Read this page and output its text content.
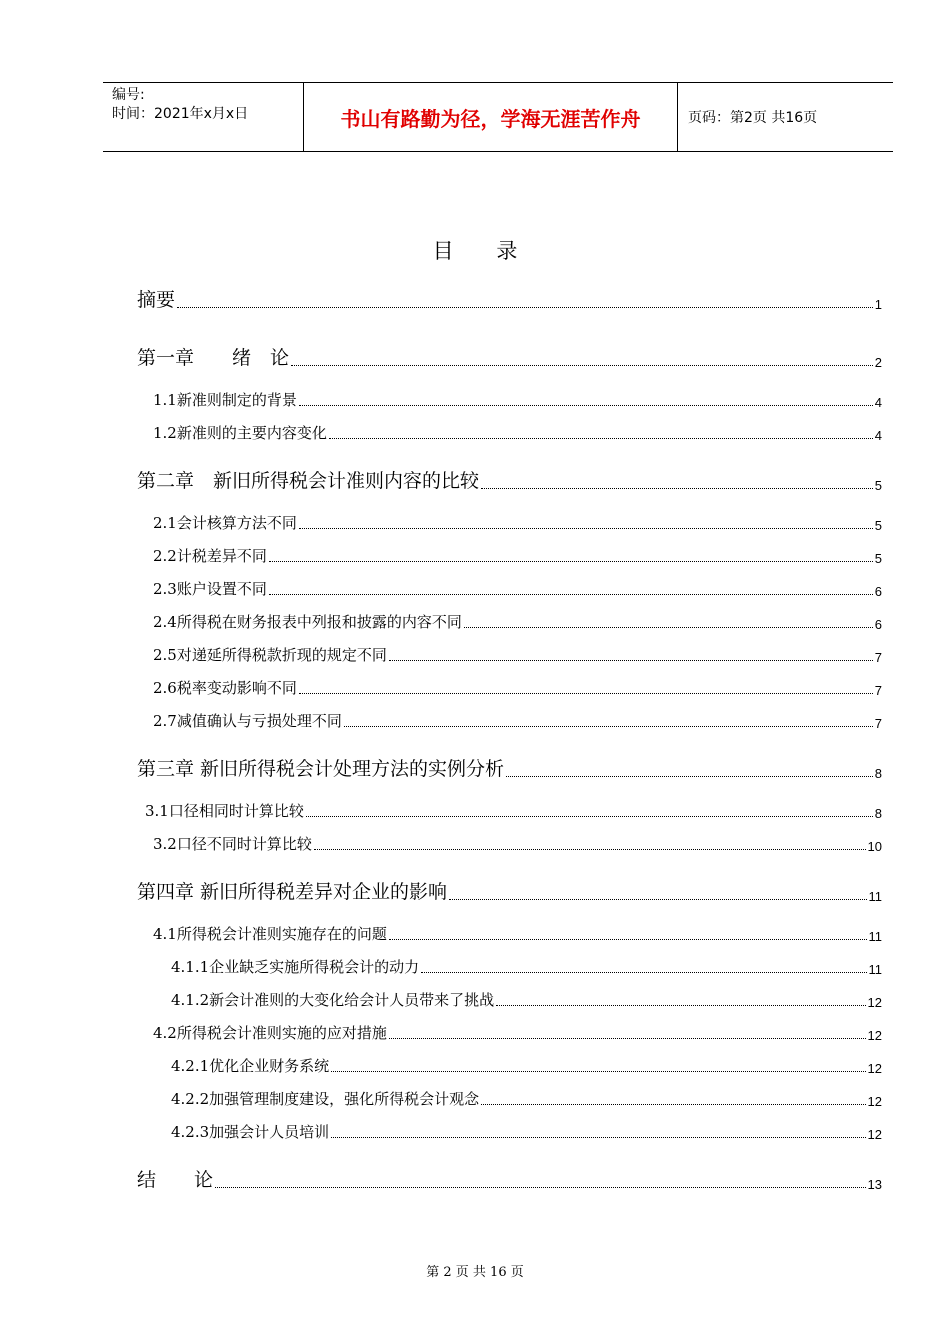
编号:
时间：2021年x月x日	书山有路勤为径，学海无涯苦作舟	页码：第2页 共16页
目 录
摘要	1
第一章　　绪　论	2
1.1新准则制定的背景	4
1.2新准则的主要内容变化	4
第二章　新旧所得税会计准则内容的比较	5
2.1会计核算方法不同	5
2.2计税差异不同	5
2.3账户设置不同	6
2.4所得税在财务报表中列报和披露的内容不同	6
2.5对递延所得税款折现的规定不同	7
2.6税率变动影响不同	7
2.7减值确认与亏损处理不同	7
第三章 新旧所得税会计处理方法的实例分析	8
3.1口径相同时计算比较	8
3.2口径不同时计算比较	10
第四章 新旧所得税差异对企业的影响	11
4.1所得税会计准则实施存在的问题	11
4.1.1企业缺乏实施所得税会计的动力	11
4.1.2新会计准则的大变化给会计人员带来了挑战	12
4.2所得税会计准则实施的应对措施	12
4.2.1优化企业财务系统	12
4.2.2加强管理制度建设，强化所得税会计观念	12
4.2.3加强会计人员培训	12
结　　论	13
第 2 页 共 16 页
